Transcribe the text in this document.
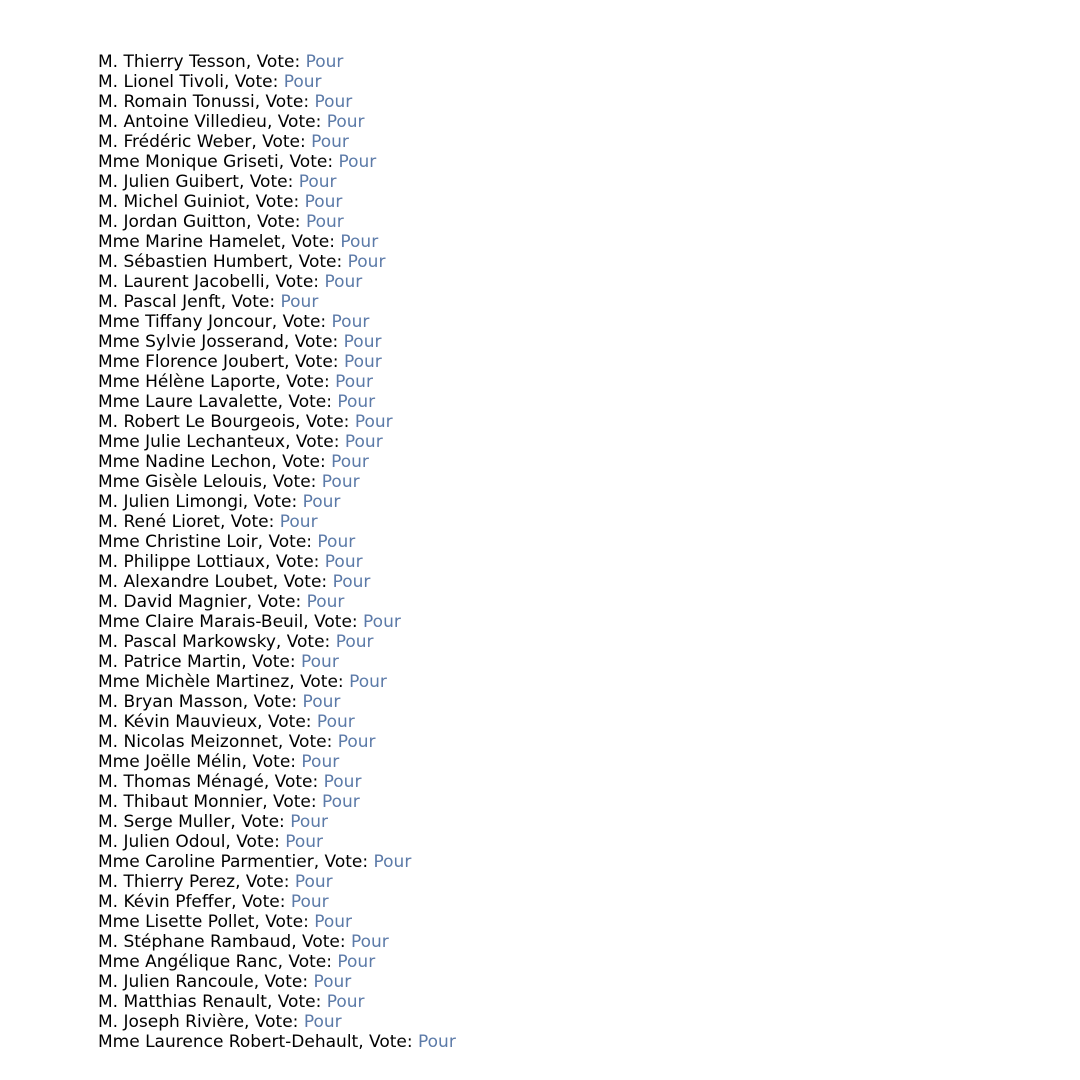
M. Thierry Tesson, Vote: Pour
M. Lionel Tivoli, Vote: Pour
M. Romain Tonussi, Vote: Pour
M. Antoine Villedieu, Vote: Pour
M. Frédéric Weber, Vote: Pour
Mme Monique Griseti, Vote: Pour
M. Julien Guibert, Vote: Pour
M. Michel Guiniot, Vote: Pour
M. Jordan Guitton, Vote: Pour
Mme Marine Hamelet, Vote: Pour
M. Sébastien Humbert, Vote: Pour
M. Laurent Jacobelli, Vote: Pour
M. Pascal Jenft, Vote: Pour
Mme Tiffany Joncour, Vote: Pour
Mme Sylvie Josserand, Vote: Pour
Mme Florence Joubert, Vote: Pour
Mme Hélène Laporte, Vote: Pour
Mme Laure Lavalette, Vote: Pour
M. Robert Le Bourgeois, Vote: Pour
Mme Julie Lechanteux, Vote: Pour
Mme Nadine Lechon, Vote: Pour
Mme Gisèle Lelouis, Vote: Pour
M. Julien Limongi, Vote: Pour
M. René Lioret, Vote: Pour
Mme Christine Loir, Vote: Pour
M. Philippe Lottiaux, Vote: Pour
M. Alexandre Loubet, Vote: Pour
M. David Magnier, Vote: Pour
Mme Claire Marais-Beuil, Vote: Pour
M. Pascal Markowsky, Vote: Pour
M. Patrice Martin, Vote: Pour
Mme Michèle Martinez, Vote: Pour
M. Bryan Masson, Vote: Pour
M. Kévin Mauvieux, Vote: Pour
M. Nicolas Meizonnet, Vote: Pour
Mme Joëlle Mélin, Vote: Pour
M. Thomas Ménagé, Vote: Pour
M. Thibaut Monnier, Vote: Pour
M. Serge Muller, Vote: Pour
M. Julien Odoul, Vote: Pour
Mme Caroline Parmentier, Vote: Pour
M. Thierry Perez, Vote: Pour
M. Kévin Pfeffer, Vote: Pour
Mme Lisette Pollet, Vote: Pour
M. Stéphane Rambaud, Vote: Pour
Mme Angélique Ranc, Vote: Pour
M. Julien Rancoule, Vote: Pour
M. Matthias Renault, Vote: Pour
M. Joseph Rivière, Vote: Pour
Mme Laurence Robert-Dehault, Vote: Pour
